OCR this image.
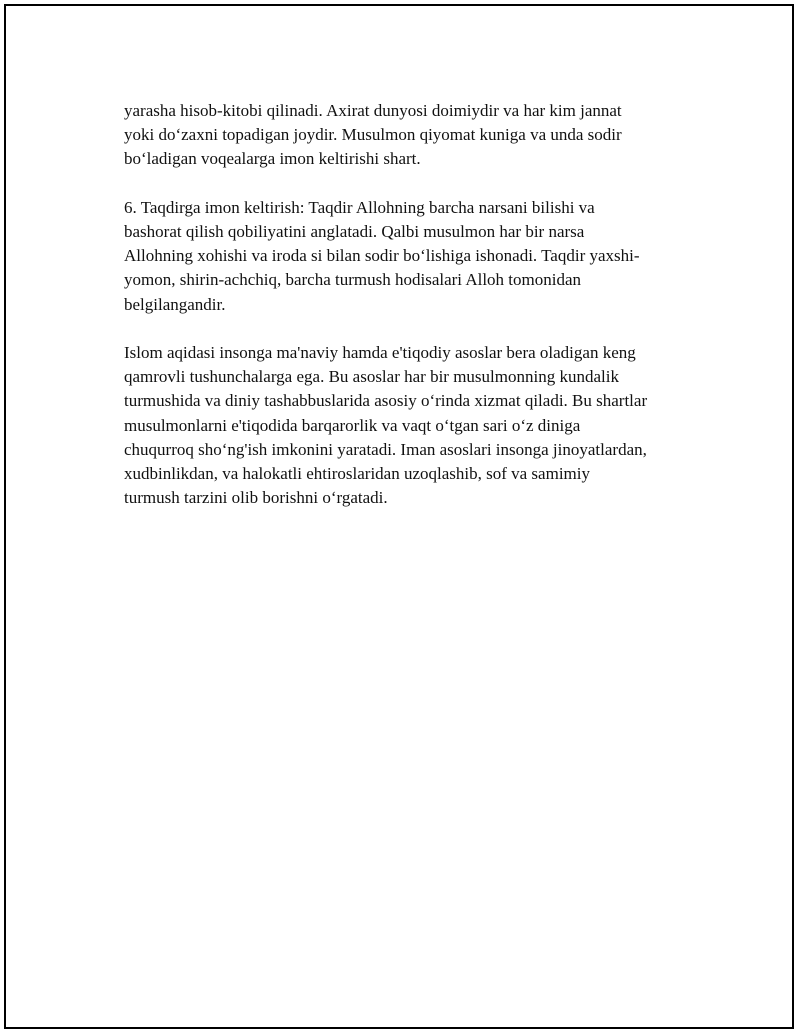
yarasha hisob-kitobi qilinadi. Axirat dunyosi doimiydir va har kim jannat
yoki do‘zaxni topadigan joydir. Musulmon qiyomat kuniga va unda sodir
bo‘ladigan voqealarga imon keltirishi shart.

6. Taqdirga imon keltirish: Taqdir Allohning barcha narsani bilishi va
bashorat qilish qobiliyatini anglatadi. Qalbi musulmon har bir narsa
Allohning xohishi va iroda si bilan sodir bo‘lishiga ishonadi. Taqdir yaxshi-
yomon, shirin-achchiq, barcha turmush hodisalari Alloh tomonidan
belgilangandir.

Islom aqidasi insonga ma'naviy hamda e'tiqodiy asoslar bera oladigan keng
qamrovli tushunchalarga ega. Bu asoslar har bir musulmonning kundalik
turmushida va diniy tashabbuslarida asosiy o‘rinda xizmat qiladi. Bu shartlar
musulmonlarni e'tiqodida barqarorlik va vaqt o‘tgan sari o‘z diniga
chuqurroq sho‘ng'ish imkonini yaratadi. Iman asoslari insonga jinoyatlardan,
xudbinlikdan, va halokatli ehtiroslaridan uzoqlashib, sof va samimiy
turmush tarzini olib borishni o‘rgatadi.
